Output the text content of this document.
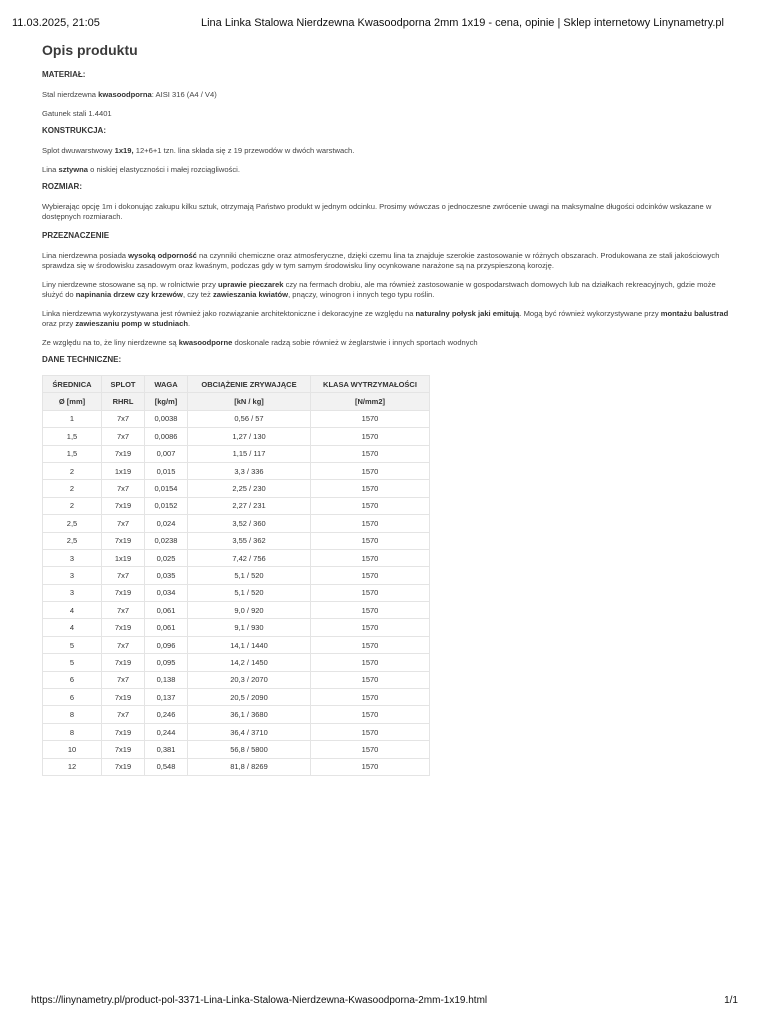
11.03.2025, 21:05	Lina Linka Stalowa Nierdzewna Kwasoodporna 2mm 1x19 - cena, opinie | Sklep internetowy Linynametry.pl
Opis produktu
MATERIAŁ:
Stal nierdzewna kwasoodporna: AISI 316 (A4 / V4)
Gatunek stali 1.4401
KONSTRUKCJA:
Splot dwuwarstwowy 1x19, 12+6+1 tzn. lina składa się z 19 przewodów w dwóch warstwach.
Lina sztywna o niskiej elastyczności i małej rozciągliwości.
ROZMIAR:
Wybierając opcję 1m i dokonując zakupu kilku sztuk, otrzymają Państwo produkt w jednym odcinku. Prosimy wówczas o jednoczesne zwrócenie uwagi na maksymalne długości odcinków wskazane w dostępnych rozmiarach.
PRZEZNACZENIE
Lina nierdzewna posiada wysoką odporność na czynniki chemiczne oraz atmosferyczne, dzięki czemu lina ta znajduje szerokie zastosowanie w różnych obszarach. Produkowana ze stali jakościowych sprawdza się w środowisku zasadowym oraz kwaśnym, podczas gdy w tym samym środowisku liny ocynkowane narażone są na przyspieszoną korozję.
Liny nierdzewne stosowane są np. w rolnictwie przy uprawie pieczarek czy na fermach drobiu, ale ma również zastosowanie w gospodarstwach domowych lub na działkach rekreacyjnych, gdzie może służyć do napinania drzew czy krzewów, czy też zawieszania kwiatów, pnączy, winogron i innych tego typu roślin.
Linka nierdzewna wykorzystywana jest również jako rozwiązanie architektoniczne i dekoracyjne ze względu na naturalny połysk jaki emitują. Mogą być również wykorzystywane przy montażu balustrad oraz przy zawieszaniu pomp w studniach.
Ze względu na to, że liny nierdzewne są kwasoodporne doskonale radzą sobie również w żeglarstwie i innych sportach wodnych
DANE TECHNICZNE:
ŚREDNICA	SPLOT	WAGA	OBCIĄŻENIE ZRYWAJĄCE	KLASA WYTRZYMAŁOŚCI
Ø [mm]	RHRL	[kg/m]	[kN / kg]	[N/mm2]
1	7x7	0,0038	0,56 / 57	1570
1,5	7x7	0,0086	1,27 / 130	1570
1,5	7x19	0,007	1,15 / 117	1570
2	1x19	0,015	3,3 / 336	1570
2	7x7	0,0154	2,25 / 230	1570
2	7x19	0,0152	2,27 / 231	1570
2,5	7x7	0,024	3,52 / 360	1570
2,5	7x19	0,0238	3,55 / 362	1570
3	1x19	0,025	7,42 / 756	1570
3	7x7	0,035	5,1 / 520	1570
3	7x19	0,034	5,1 / 520	1570
4	7x7	0,061	9,0 / 920	1570
4	7x19	0,061	9,1 / 930	1570
5	7x7	0,096	14,1 / 1440	1570
5	7x19	0,095	14,2 / 1450	1570
6	7x7	0,138	20,3 / 2070	1570
6	7x19	0,137	20,5 / 2090	1570
8	7x7	0,246	36,1 / 3680	1570
8	7x19	0,244	36,4 / 3710	1570
10	7x19	0,381	56,8 / 5800	1570
12	7x19	0,548	81,8 / 8269	1570
https://linynametry.pl/product-pol-3371-Lina-Linka-Stalowa-Nierdzewna-Kwasoodporna-2mm-1x19.html	1/1
